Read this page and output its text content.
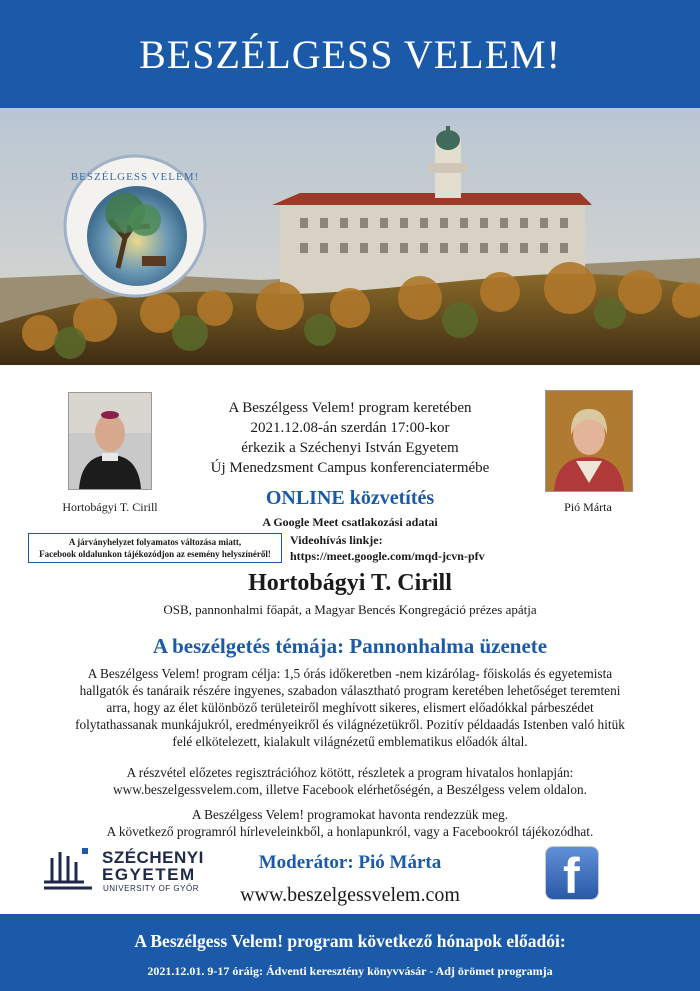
BESZÉLGESS VELEM!
BESZÉLGESS VELEM!
Hortobágyi T. Cirill	Pió Márta
A Beszélgess Velem! program keretében
2021.12.08-án szerdán 17:00-kor
érkezik a Széchenyi István Egyetem
Új Menedzsment Campus konferenciatermébe
ONLINE közvetítés
A Google Meet csatlakozási adatai
A járványhelyzet folyamatos változása miatt,
Facebook oldalunkon tájékozódjon az esemény helyszínéről!
Videohívás linkje:
https://meet.google.com/mqd-jcvn-pfv
Hortobágyi T. Cirill
OSB, pannonhalmi főapát, a Magyar Bencés Kongregáció prézes apátja
A beszélgetés témája: Pannonhalma üzenete

A Beszélgess Velem! program célja: 1,5 órás időkeretben -nem kizárólag- főiskolás és egyetemista hallgatók és tanáraik részére ingyenes, szabadon választható program keretében lehetőséget teremteni arra, hogy az élet különböző területeiről meghívott sikeres, elismert előadókkal párbeszédet folytathassanak munkájukról, eredményeikről és világnézetükről. Pozitív példaadás Istenben való hitük felé elkötelezett, kialakult világnézetű emblematikus előadók által.

A részvétel előzetes regisztrációhoz kötött, részletek a program hivatalos honlapján: www.beszelgessvelem.com, illetve Facebook elérhetőségén, a Beszélgess velem oldalon.

A Beszélgess Velem! programokat havonta rendezzük meg.
A következő programról hírleveleinkből, a honlapunkról, vagy a Facebookról tájékozódhat.
SZÉCHENYI
EGYETEM
UNIVERSITY OF GYŐR
Moderátor: Pió Márta
www.beszelgessvelem.com	f
A Beszélgess Velem! program következő hónapok előadói:
2021.12.01. 9-17 óráig: Ádventi keresztény könyvvásár - Adj örömet programja
